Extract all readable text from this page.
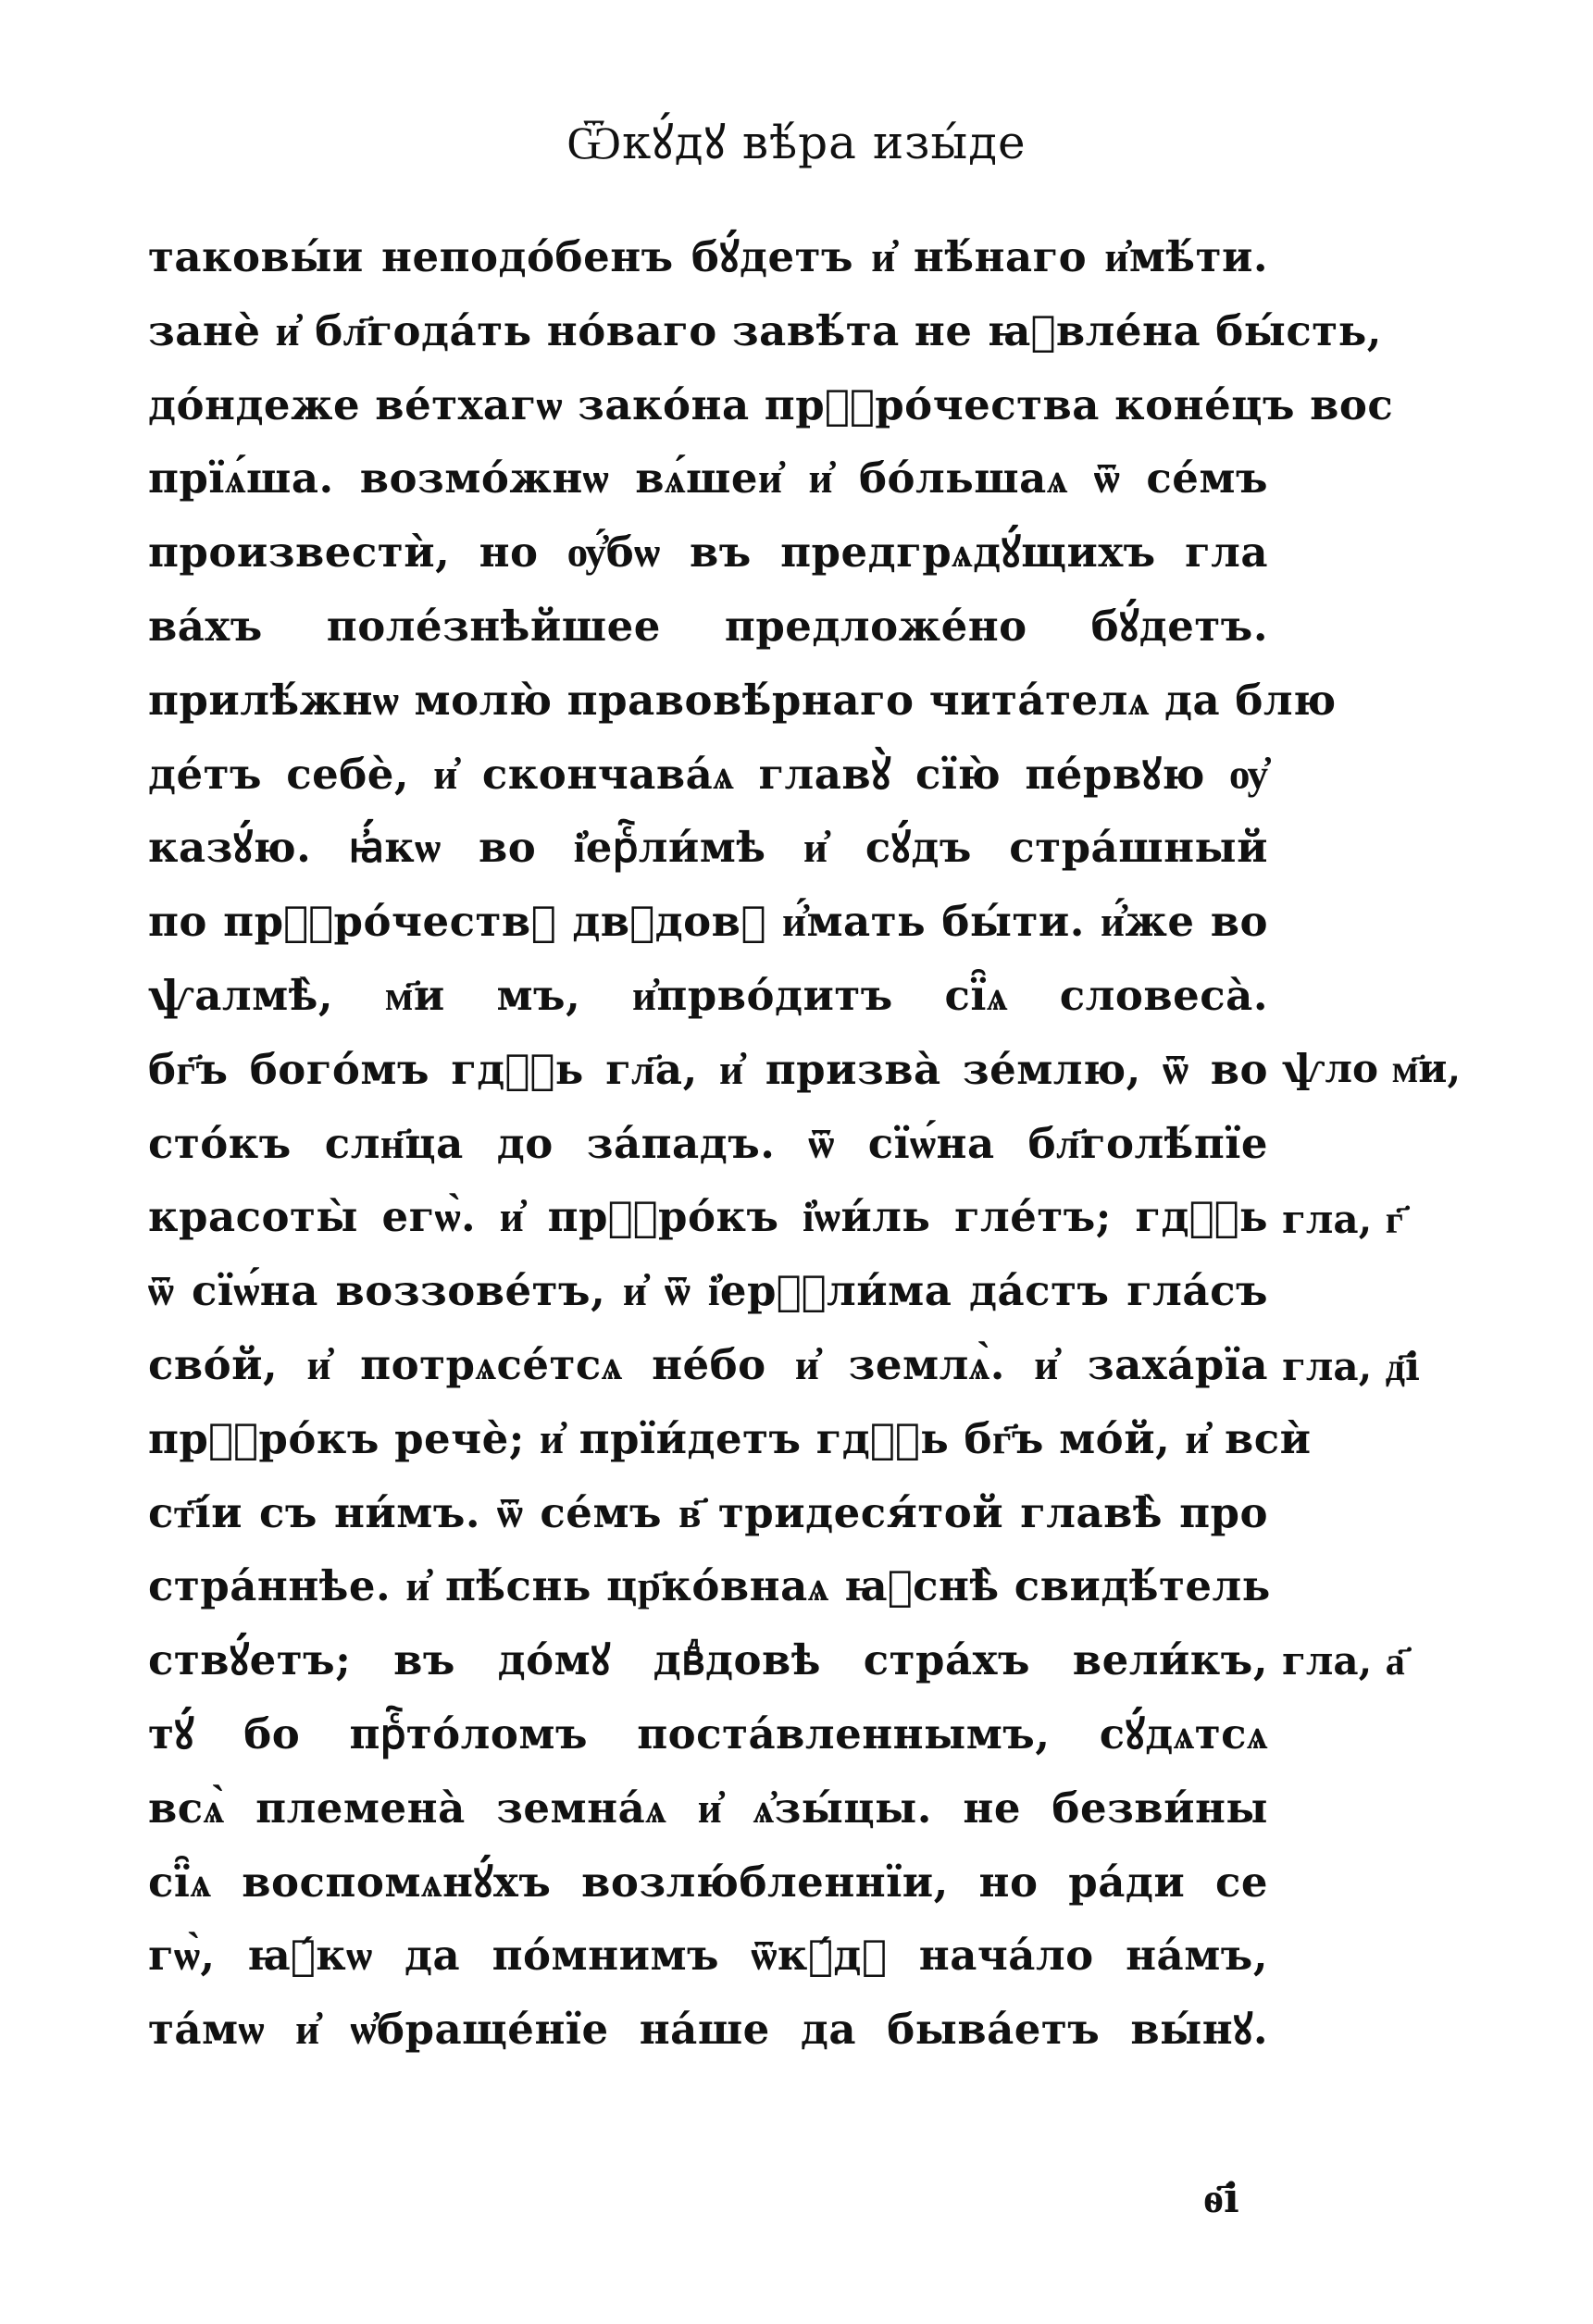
Ѿкꙋ́дꙋ вѣ́ра изы́де
таковы́и неподо́бенъ бꙋ́детъ и҆ нѣ́наго и҆мѣ́ти.
занѐ и҆ бл҃года́ть но́ваго завѣ́та не ꙗ҆вле́на бы́сть,
до́ндеже ве́тхагѡ зако́на прⷪ҇ро́чества коне́цъ вос
прїѧ́ша. возмо́жнѡ вѧ́шеи҆ и҆ бо́льшаѧ ѿ се́мъ
произвестѝ, но ѹ҆́бѡ въ предгрѧдꙋ́щихъ гла
ва́хъ поле́знѣйшее предложе́но бꙋ́детъ.
прилѣ́жнѡ молю̀ правовѣ́рнаго чита́телѧ да блю
де́тъ себѐ, и҆ скончава́ѧ главꙋ̀ сїю̀ пе́рвꙋю ѹ҆
казꙋ́ю. ꙗ҆́кѡ во і҆ерⷭ҇ли́мѣ и҆ сꙋ́дъ стра́шный
по прⷪ҇ро́чествꙋ двⷣдовꙋ и҆́мать бы́ти. и҆́же во
ѱалмѣ̀, м҃и мъ, и҆прво́дитъ сї̑ѧ словеса̀.
бг҃ъ бого́мъ гдⷭ҇ь гл҃а, и҆ призва̀ зе́млю, ѿ во
сто́къ слн҃ца до за́падъ. ѿ сїѡ́на бл҃голѣ́пїе
красоты̀ егѡ̀. и҆ прⷪ҇ро́къ і҆ѡи́ль гле́тъ; гдⷭ҇ь
ѿ сїѡ́на воззове́тъ, и҆ ѿ і҆ерⷭ҇ли́ма да́стъ гла́съ
сво́й, и҆ потрѧсе́тсѧ не́бо и҆ землѧ̀. и҆ заха́рїа
прⷪ҇ро́къ речѐ; и҆ прїи́детъ гдⷭ҇ь бг҃ъ мо́й, и҆ всѝ
ст҃і́и съ ни́мъ. ѿ се́мъ в҃ тридеся́той главѣ̀ про
стра́ннѣе. и҆ пѣ́снь цр҃ко́внаѧ ꙗ҆снѣ̀ свидѣ́тель
ствꙋ́етъ; въ до́мꙋ двⷣдовѣ стра́хъ вели́къ,
тꙋ́ бо прⷭ҇то́ломъ поста́вленнымъ, сꙋ́дѧтсѧ
всѧ̀ племена̀ земна́ѧ и҆ ѧ҆зы́цы. не безви́ны
сї̑ѧ воспомѧнꙋ́хъ возлю́бленнїи, но ра́ди се
гѡ̀, ꙗ҆́кѡ да по́мнимъ ѿкꙋ́дꙋ нача́ло на́мъ,
та́мѡ и҆ ѡ҆браще́нїе на́ше да быва́етъ вы́нꙋ.
ѱло м҃и,
гла, г҃
гла, д҃і
гла, а҃
ѳ҃і
